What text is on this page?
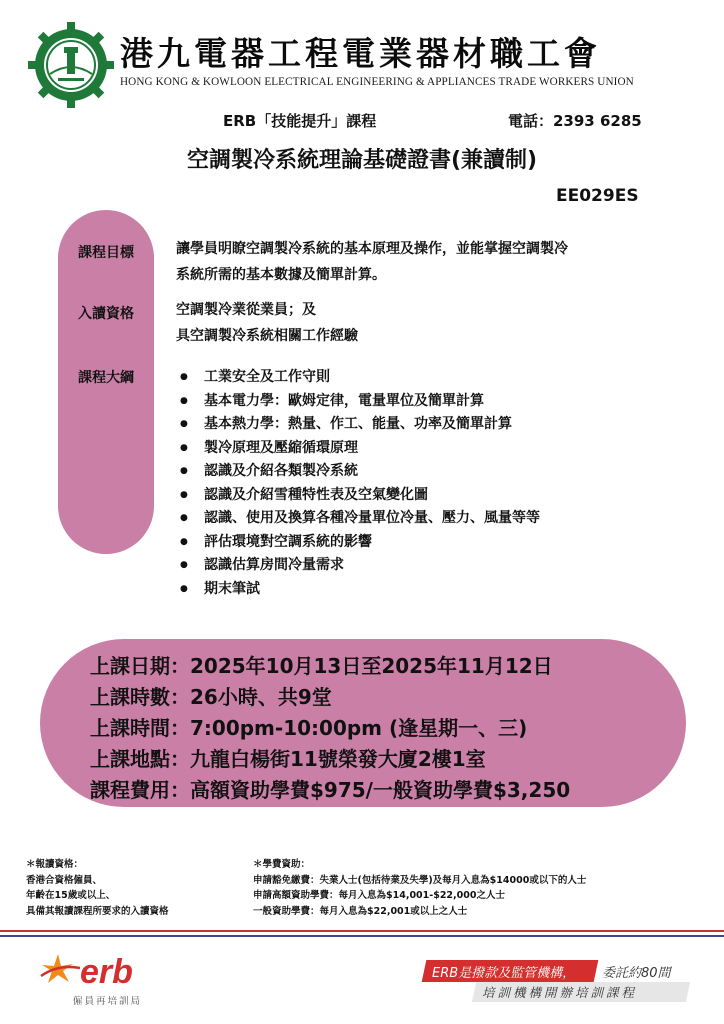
港九電器工程電業器材職工會
HONG KONG & KOWLOON ELECTRICAL ENGINEERING & APPLIANCES TRADE WORKERS UNION
ERB「技能提升」課程	電話：2393 6285
空調製冷系統理論基礎證書(兼讀制)
EE029ES
課程目標	讓學員明瞭空調製冷系統的基本原理及操作，並能掌握空調製冷
系統所需的基本數據及簡單計算。
入讀資格	空調製冷業從業員；及
具空調製冷系統相關工作經驗
課程大綱
●	工業安全及工作守則
● 基本電力學：歐姆定律，電量單位及簡單計算
● 基本熱力學：熱量、作工、能量、功率及簡單計算
● 製冷原理及壓縮循環原理
● 認識及介紹各類製冷系統
● 認識及介紹雪種特性表及空氣變化圖
● 認識、使用及換算各種冷量單位冷量、壓力、風量等等
● 評估環境對空調系統的影響
● 認識估算房間冷量需求
● 期末筆試
上課日期：2025年10月13日至2025年11月12日
上課時數：26小時、共9堂
上課時間：7:00pm-10:00pm (逢星期一、三)
上課地點：九龍白楊街11號榮發大廈2樓1室
課程費用：高額資助學費$975/一般資助學費$3,250
＊報讀資格：
香港合資格僱員、
年齡在15歲或以上、
具備其報讀課程所要求的入讀資格
＊學費資助：
申請豁免繳費：失業人士(包括待業及失學)及每月入息為$14000或以下的人士
申請高額資助學費：每月入息為$14,001-$22,000之人士
一般資助學費：每月入息為$22,001或以上之人士
erb
僱員再培訓局
ERB是撥款及監管機構， 委託約80間
培訓機構開辦培訓課程
